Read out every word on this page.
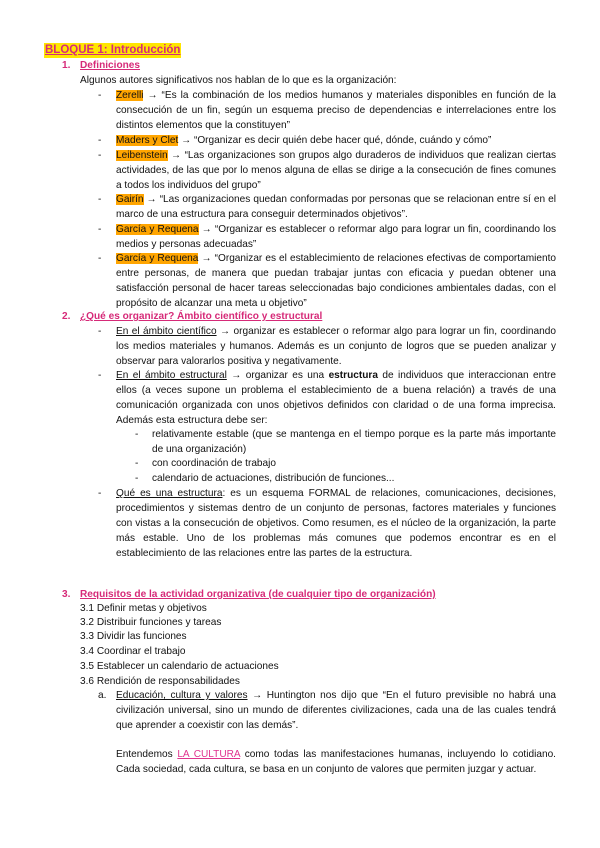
BLOQUE 1: Introducción
1. Definiciones
Algunos autores significativos nos hablan de lo que es la organización:
- Zerelli → “Es la combinación de los medios humanos y materiales disponibles en función de la consecución de un fin, según un esquema preciso de dependencias e interrelaciones entre los distintos elementos que la constituyen”
- Maders y Clet → “Organizar es decir quién debe hacer qué, dónde, cuándo y cómo”
- Leibenstein → “Las organizaciones son grupos algo duraderos de individuos que realizan ciertas actividades, de las que por lo menos alguna de ellas se dirige a la consecución de fines comunes a todos los individuos del grupo”
- Gairín → “Las organizaciones quedan conformadas por personas que se relacionan entre sí en el marco de una estructura para conseguir determinados objetivos”.
- García y Requena → “Organizar es establecer o reformar algo para lograr un fin, coordinando los medios y personas adecuadas”
- García y Requena → “Organizar es el establecimiento de relaciones efectivas de comportamiento entre personas, de manera que puedan trabajar juntas con eficacia y puedan obtener una satisfacción personal de hacer tareas seleccionadas bajo condiciones ambientales dadas, con el propósito de alcanzar una meta u objetivo”
2. ¿Qué es organizar? Ámbito científico y estructural
- En el ámbito científico → organizar es establecer o reformar algo para lograr un fin, coordinando los medios materiales y humanos. Además es un conjunto de logros que se pueden analizar y observar para valorarlos positiva y negativamente.
- En el ámbito estructural → organizar es una estructura de individuos que interaccionan entre ellos (a veces supone un problema el establecimiento de a buena relación) a través de una comunicación organizada con unos objetivos definidos con claridad o de una forma imprecisa. Además esta estructura debe ser:
- relativamente estable (que se mantenga en el tiempo porque es la parte más importante de una organización)
- con coordinación de trabajo
- calendario de actuaciones, distribución de funciones...
- Qué es una estructura: es un esquema FORMAL de relaciones, comunicaciones, decisiones, procedimientos y sistemas dentro de un conjunto de personas, factores materiales y funciones con vistas a la consecución de objetivos. Como resumen, es el núcleo de la organización, la parte más estable. Uno de los problemas más comunes que podemos encontrar es en el establecimiento de las relaciones entre las partes de la estructura.
3. Requisitos de la actividad organizativa (de cualquier tipo de organización)
3.1 Definir metas y objetivos
3.2 Distribuir funciones y tareas
3.3 Dividir las funciones
3.4 Coordinar el trabajo
3.5 Establecer un calendario de actuaciones
3.6 Rendición de responsabilidades
a. Educación, cultura y valores → Huntington nos dijo que “En el futuro previsible no habrá una civilización universal, sino un mundo de diferentes civilizaciones, cada una de las cuales tendrá que aprender a coexistir con las demás”.
Entendemos LA CULTURA como todas las manifestaciones humanas, incluyendo lo cotidiano. Cada sociedad, cada cultura, se basa en un conjunto de valores que permiten juzgar y actuar.
